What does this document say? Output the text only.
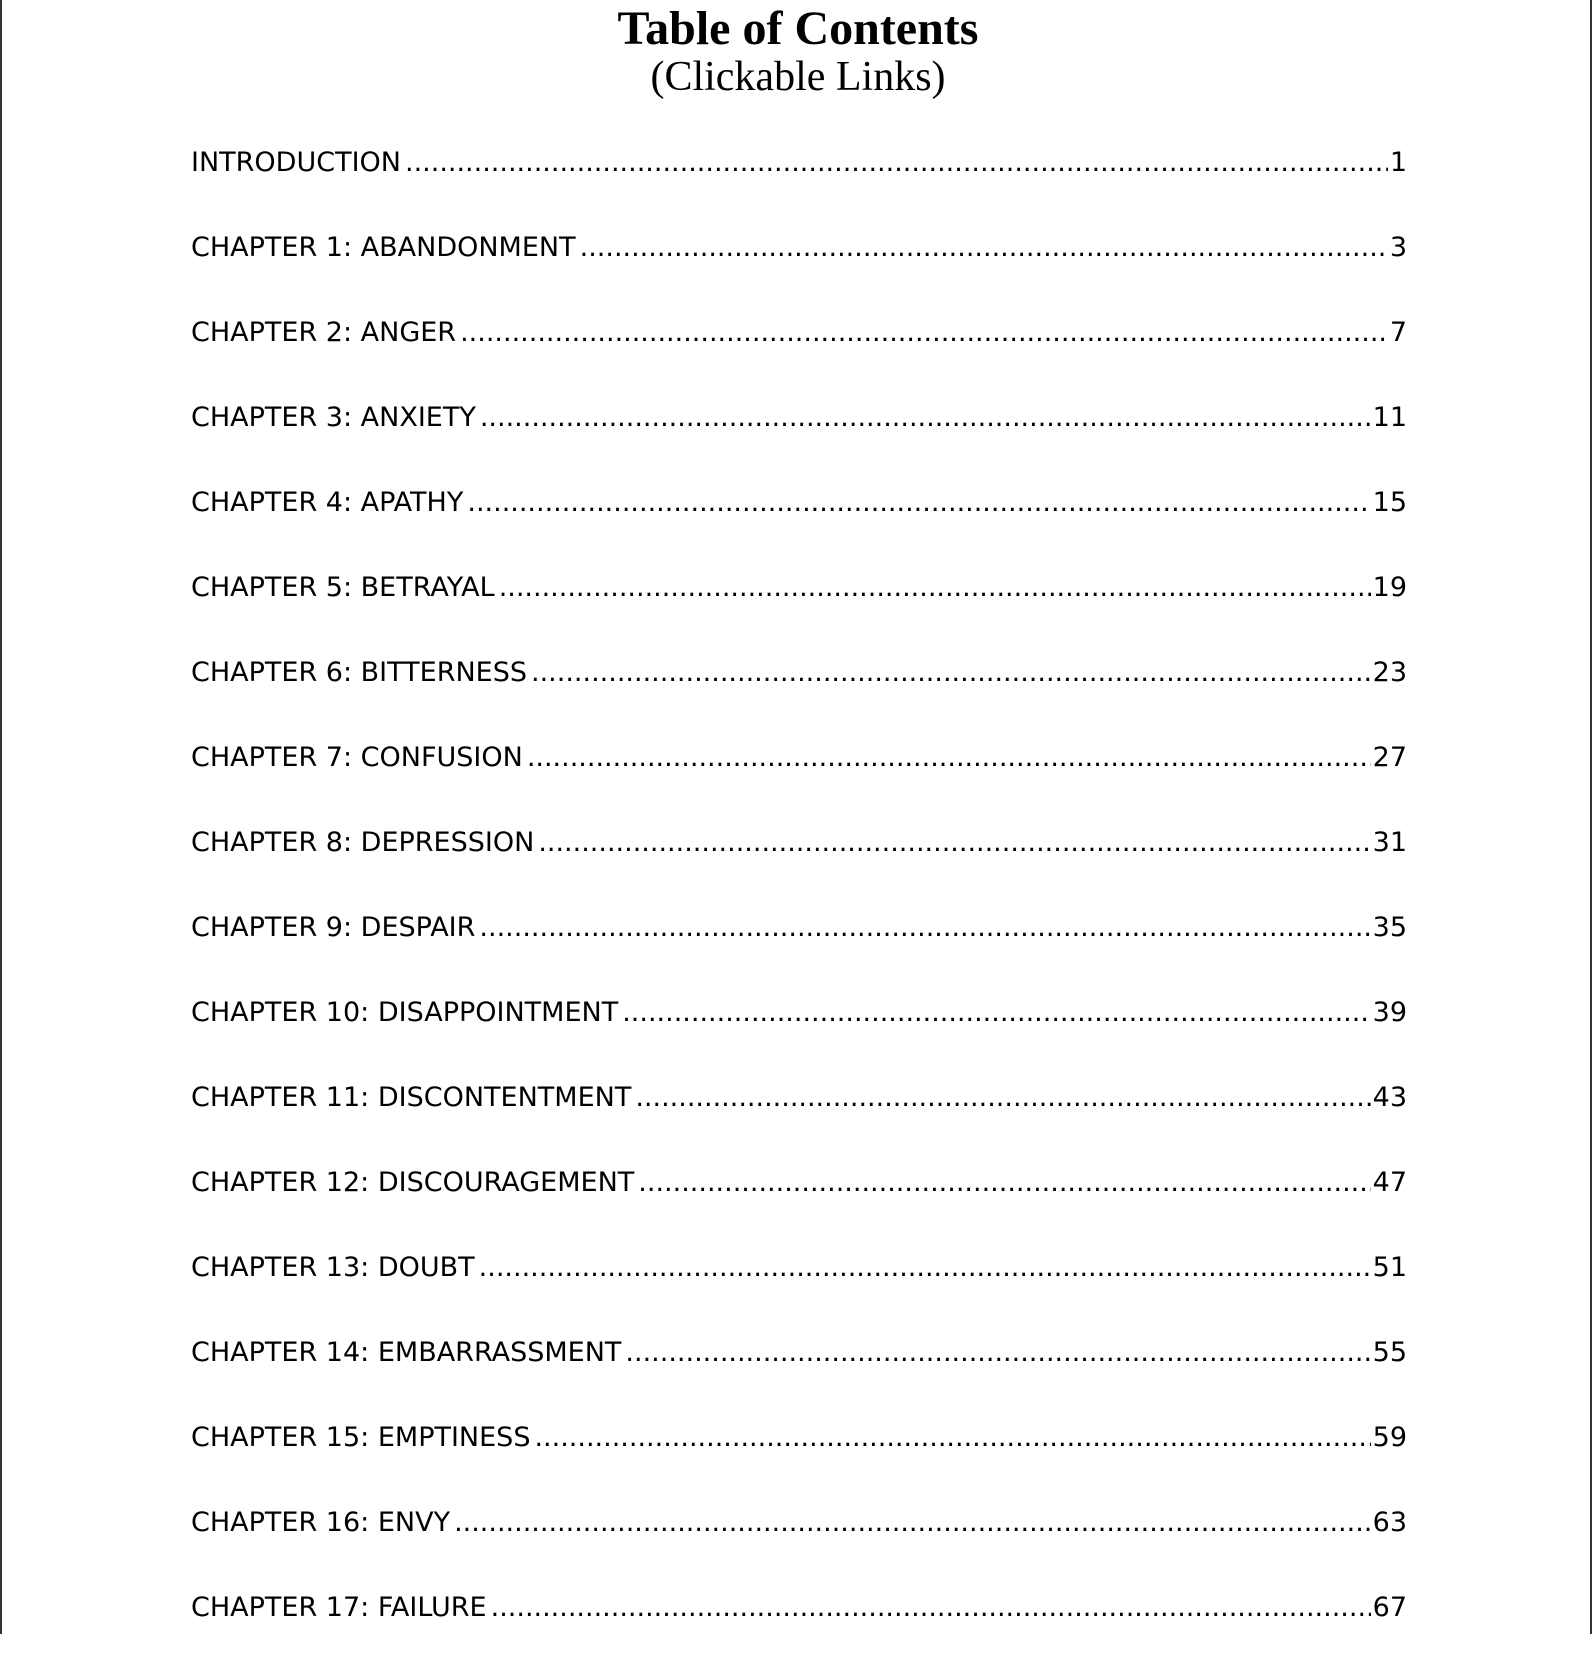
Table of Contents
(Clickable Links)
INTRODUCTION .....	1
CHAPTER 1: ABANDONMENT .....	3
CHAPTER 2: ANGER .....	7
CHAPTER 3: ANXIETY .....	11
CHAPTER 4: APATHY .....	15
CHAPTER 5: BETRAYAL .....	19
CHAPTER 6: BITTERNESS .....	23
CHAPTER 7: CONFUSION .....	27
CHAPTER 8: DEPRESSION .....	31
CHAPTER 9: DESPAIR .....	35
CHAPTER 10: DISAPPOINTMENT .....	39
CHAPTER 11: DISCONTENTMENT .....	43
CHAPTER 12: DISCOURAGEMENT .....	47
CHAPTER 13: DOUBT .....	51
CHAPTER 14: EMBARRASSMENT .....	55
CHAPTER 15: EMPTINESS .....	59
CHAPTER 16: ENVY .....	63
CHAPTER 17: FAILURE .....	67
